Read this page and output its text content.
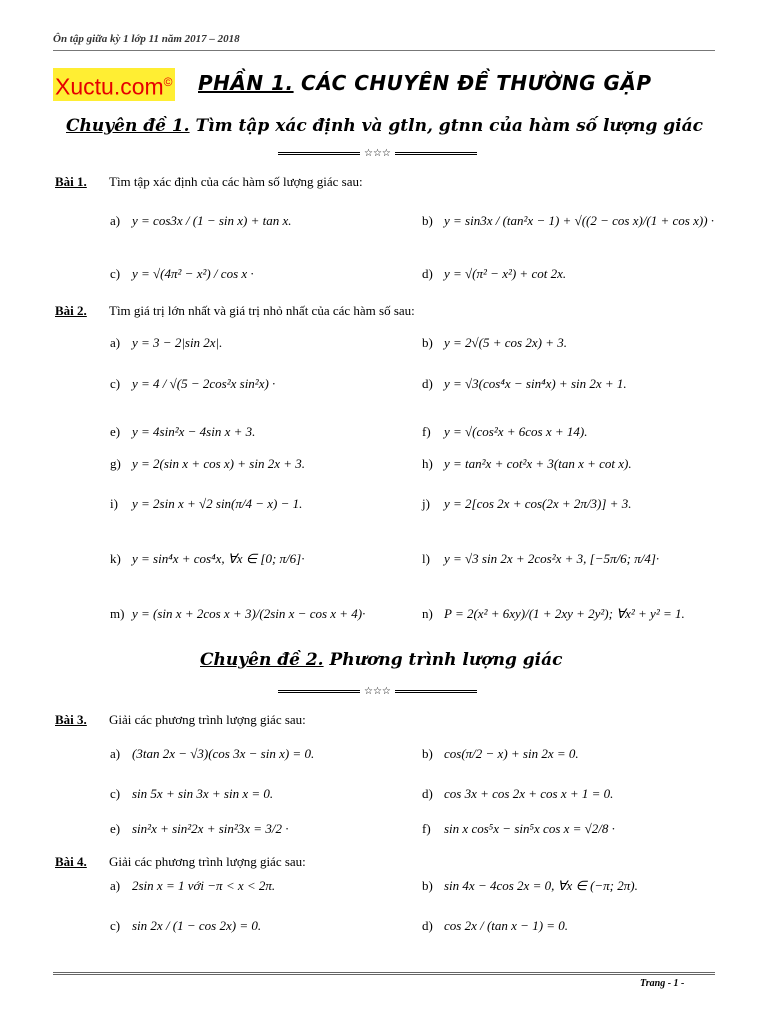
Ôn tập giữa kỳ 1 lớp 11 năm 2017 – 2018
Xuctu.com© PHẦN 1. CÁC CHUYÊN ĐỀ THƯỜNG GẶP
Chuyên đề 1. Tìm tập xác định và gtln, gtnn của hàm số lượng giác
☆☆☆
Bài 1. Tìm tập xác định của các hàm số lượng giác sau:
a) y = cos3x / (1 − sin x) + tan x.	b) y = sin3x / (tan²x − 1) + √((2 − cos x)/(1 + cos x)) ·
c) y = √(4π² − x²) / cos x ·	d) y = √(π² − x²) + cot 2x.
Bài 2. Tìm giá trị lớn nhất và giá trị nhỏ nhất của các hàm số sau:
a) y = 3 − 2|sin 2x|.	b) y = 2√(5 + cos 2x) + 3.
c) y = 4 / √(5 − 2cos²x sin²x) ·	d) y = √3(cos⁴x − sin⁴x) + sin 2x + 1.
e) y = 4sin²x − 4sin x + 3.	f)	y = √(cos²x + 6cos x + 14).
g) y = 2(sin x + cos x) + sin 2x + 3.	h) y = tan²x + cot²x + 3(tan x + cot x).
i)	y = 2sin x + √2 sin(π/4 − x) − 1.	j)	y = 2[cos 2x + cos(2x + 2π/3)] + 3.
k) y = sin⁴x + cos⁴x, ∀x ∈ [0; π/6]·	l)	y = √3 sin 2x + 2cos²x + 3, [−5π/6; π/4]·
m) y = (sin x + 2cos x + 3)/(2sin x − cos x + 4)·	n) P = 2(x² + 6xy)/(1 + 2xy + 2y²); ∀x² + y² = 1.
Chuyên đề 2. Phương trình lượng giác
☆☆☆
Bài 3. Giải các phương trình lượng giác sau:
a) (3tan 2x − √3)(cos 3x − sin x) = 0.	b) cos(π/2 − x) + sin 2x = 0.
c) sin 5x + sin 3x + sin x = 0.	d) cos 3x + cos 2x + cos x + 1 = 0.
e) sin²x + sin²2x + sin²3x = 3/2 ·	f)	sin x cos⁵x − sin⁵x cos x = √2/8 ·
Bài 4. Giải các phương trình lượng giác sau:
a) 2sin x = 1 với −π < x < 2π.	b) sin 4x − 4cos 2x = 0, ∀x ∈ (−π; 2π).
c) sin 2x / (1 − cos 2x) = 0.	d) cos 2x / (tan x − 1) = 0.
Trang - 1 -
